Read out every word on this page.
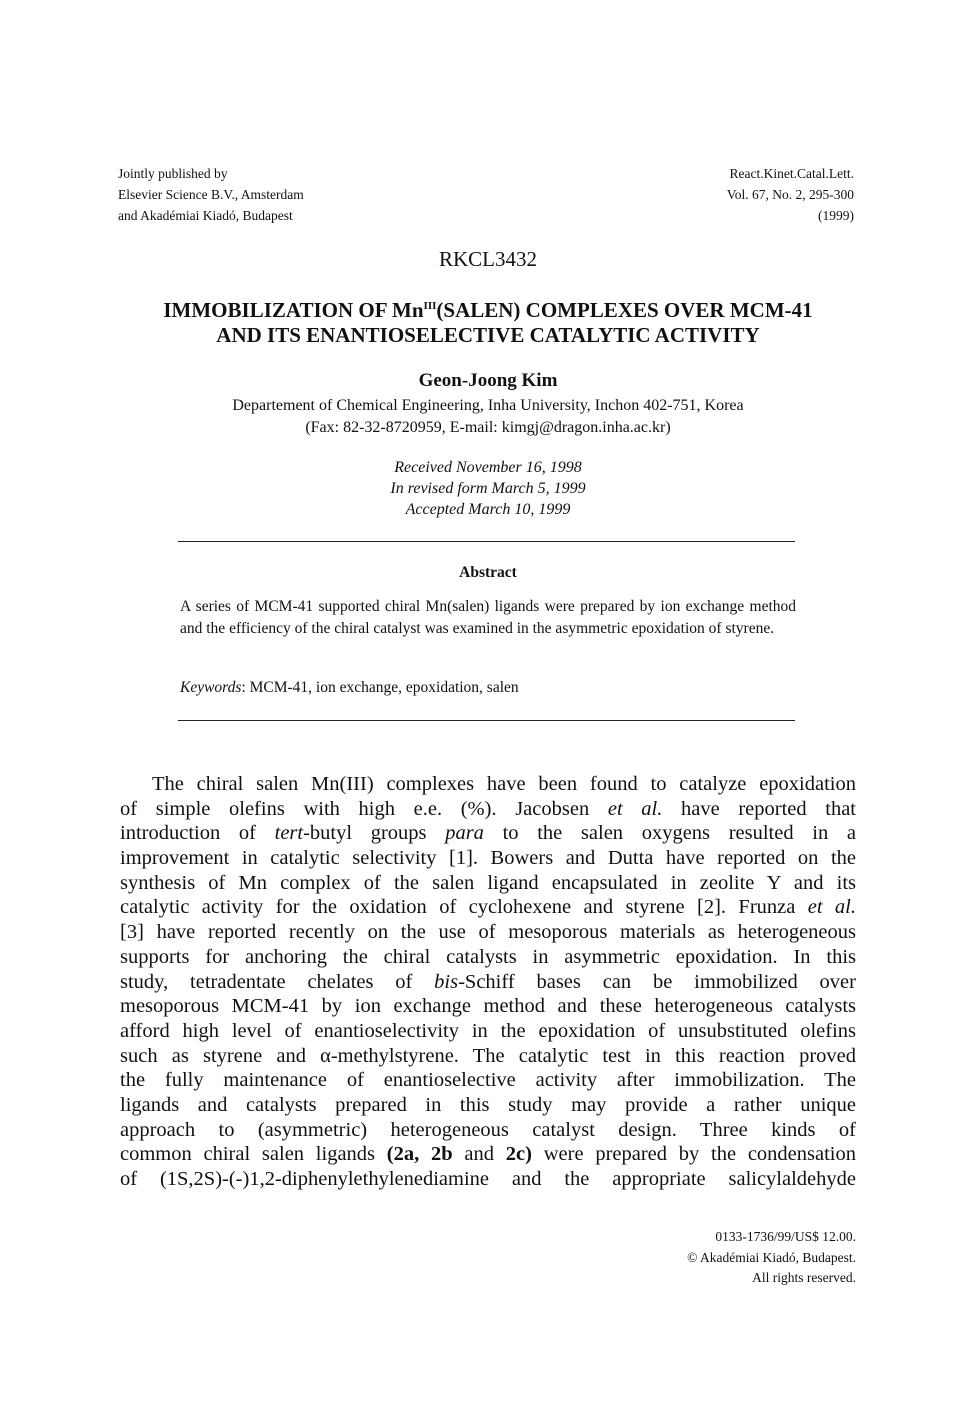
Jointly published by
Elsevier Science B.V., Amsterdam
and Akadémiai Kiadó, Budapest
React.Kinet.Catal.Lett.
Vol. 67, No. 2, 295-300
(1999)
RKCL3432
IMMOBILIZATION OF $Mn^{III}(SALEN)$ COMPLEXES OVER MCM-41
AND ITS ENANTIOSELECTIVE CATALYTIC ACTIVITY
Geon-Joong Kim
Departement of Chemical Engineering, Inha University, Inchon 402-751, Korea
(Fax: 82-32-8720959, E-mail: kimgj@dragon.inha.ac.kr)
Received November 16, 1998
In revised form March 5, 1999
Accepted March 10, 1999
Abstract
A series of MCM-41 supported chiral Mn(salen) ligands were prepared by ion exchange method and the efficiency of the chiral catalyst was examined in the asymmetric epoxidation of styrene.
Keywords: MCM-41, ion exchange, epoxidation, salen
The chiral salen Mn(III) complexes have been found to catalyze epoxidation
of simple olefins with high e.e. (%). Jacobsen et al. have reported that
introduction of tert-butyl groups para to the salen oxygens resulted in a
improvement in catalytic selectivity [1]. Bowers and Dutta have reported on the
synthesis of Mn complex of the salen ligand encapsulated in zeolite Y and its
catalytic activity for the oxidation of cyclohexene and styrene [2]. Frunza et al.
[3] have reported recently on the use of mesoporous materials as heterogeneous
supports for anchoring the chiral catalysts in asymmetric epoxidation. In this
study, tetradentate chelates of bis-Schiff bases can be immobilized over
mesoporous MCM-41 by ion exchange method and these heterogeneous catalysts
afford high level of enantioselectivity in the epoxidation of unsubstituted olefins
such as styrene and α-methylstyrene. The catalytic test in this reaction proved
the fully maintenance of enantioselective activity after immobilization. The
ligands and catalysts prepared in this study may provide a rather unique
approach to (asymmetric) heterogeneous catalyst design. Three kinds of
common chiral salen ligands (2a, 2b and 2c) were prepared by the condensation
of (1S,2S)-(-)1,2-diphenylethylenediamine and the appropriate salicylaldehyde
0133-1736/99/US$ 12.00.
© Akadémiai Kiadó, Budapest.
All rights reserved.
